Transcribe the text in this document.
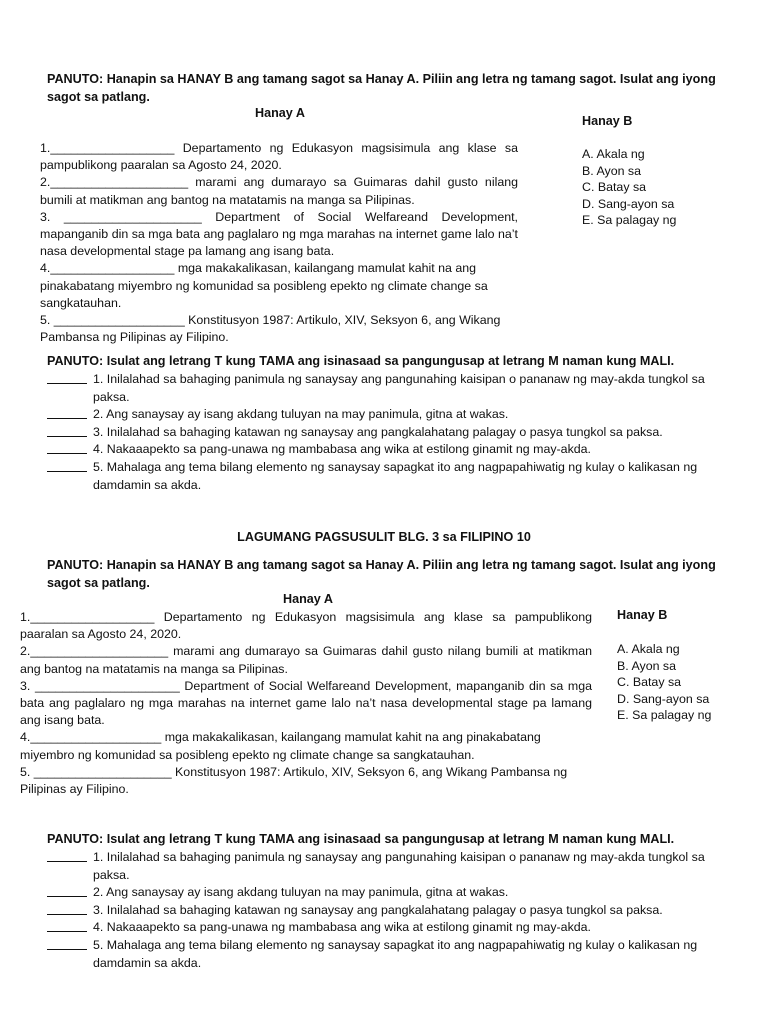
PANUTO: Hanapin sa HANAY B ang tamang sagot sa Hanay A. Piliin ang letra ng tamang sagot. Isulat ang iyong sagot sa patlang.
Hanay A
Hanay B
1.__________________ Departamento ng Edukasyon magsisimula ang klase sa pampublikong paaralan sa Agosto 24, 2020.
2.____________________ marami ang dumarayo sa Guimaras dahil gusto nilang bumili at matikman ang bantog na matatamis na manga sa Pilipinas.
3. ____________________ Department of Social Welfareand Development, mapanganib din sa mga bata ang paglalaro ng mga marahas na internet game lalo na’t nasa developmental stage pa lamang ang isang bata.
4.__________________ mga makakalikasan, kailangang mamulat kahit na ang pinakabatang miyembro ng komunidad sa posibleng epekto ng climate change sa sangkatauhan.
5. ___________________ Konstitusyon 1987: Artikulo, XIV, Seksyon 6, ang Wikang Pambansa ng Pilipinas ay Filipino.
A. Akala ng
B. Ayon sa
C. Batay sa
D. Sang-ayon sa
E. Sa palagay ng
PANUTO: Isulat ang letrang T kung TAMA ang isinasaad sa pangungusap at letrang M naman kung MALI.
1. Inilalahad sa bahaging panimula ng sanaysay ang pangunahing kaisipan o pananaw ng may-akda tungkol sa paksa.
2. Ang sanaysay ay isang akdang tuluyan na may panimula, gitna at wakas.
3. Inilalahad sa bahaging katawan ng sanaysay ang pangkalahatang palagay o pasya tungkol sa paksa.
4. Nakaaapekto sa pang-unawa ng mambabasa ang wika at estilong ginamit ng may-akda.
5. Mahalaga ang tema bilang elemento ng sanaysay sapagkat ito ang nagpapahiwatig ng kulay o kalikasan ng damdamin sa akda.
LAGUMANG PAGSUSULIT BLG. 3 sa FILIPINO 10
PANUTO: Hanapin sa HANAY B ang tamang sagot sa Hanay A. Piliin ang letra ng tamang sagot. Isulat ang iyong sagot sa patlang.
Hanay A
Hanay B
1.__________________ Departamento ng Edukasyon magsisimula ang klase sa pampublikong paaralan sa Agosto 24, 2020.
2.____________________ marami ang dumarayo sa Guimaras dahil gusto nilang bumili at matikman ang bantog na matatamis na manga sa Pilipinas.
3. _____________________ Department of Social Welfareand Development, mapanganib din sa mga bata ang paglalaro ng mga marahas na internet game lalo na’t nasa developmental stage pa lamang ang isang bata.
4.___________________ mga makakalikasan, kailangang mamulat kahit na ang pinakabatang miyembro ng komunidad sa posibleng epekto ng climate change sa sangkatauhan.
5. ____________________ Konstitusyon 1987: Artikulo, XIV, Seksyon 6, ang Wikang Pambansa ng Pilipinas ay Filipino.
A. Akala ng
B. Ayon sa
C. Batay sa
D. Sang-ayon sa
E. Sa palagay ng
PANUTO: Isulat ang letrang T kung TAMA ang isinasaad sa pangungusap at letrang M naman kung MALI.
1. Inilalahad sa bahaging panimula ng sanaysay ang pangunahing kaisipan o pananaw ng may-akda tungkol sa paksa.
2. Ang sanaysay ay isang akdang tuluyan na may panimula, gitna at wakas.
3. Inilalahad sa bahaging katawan ng sanaysay ang pangkalahatang palagay o pasya tungkol sa paksa.
4. Nakaaapekto sa pang-unawa ng mambabasa ang wika at estilong ginamit ng may-akda.
5. Mahalaga ang tema bilang elemento ng sanaysay sapagkat ito ang nagpapahiwatig ng kulay o kalikasan ng damdamin sa akda.
